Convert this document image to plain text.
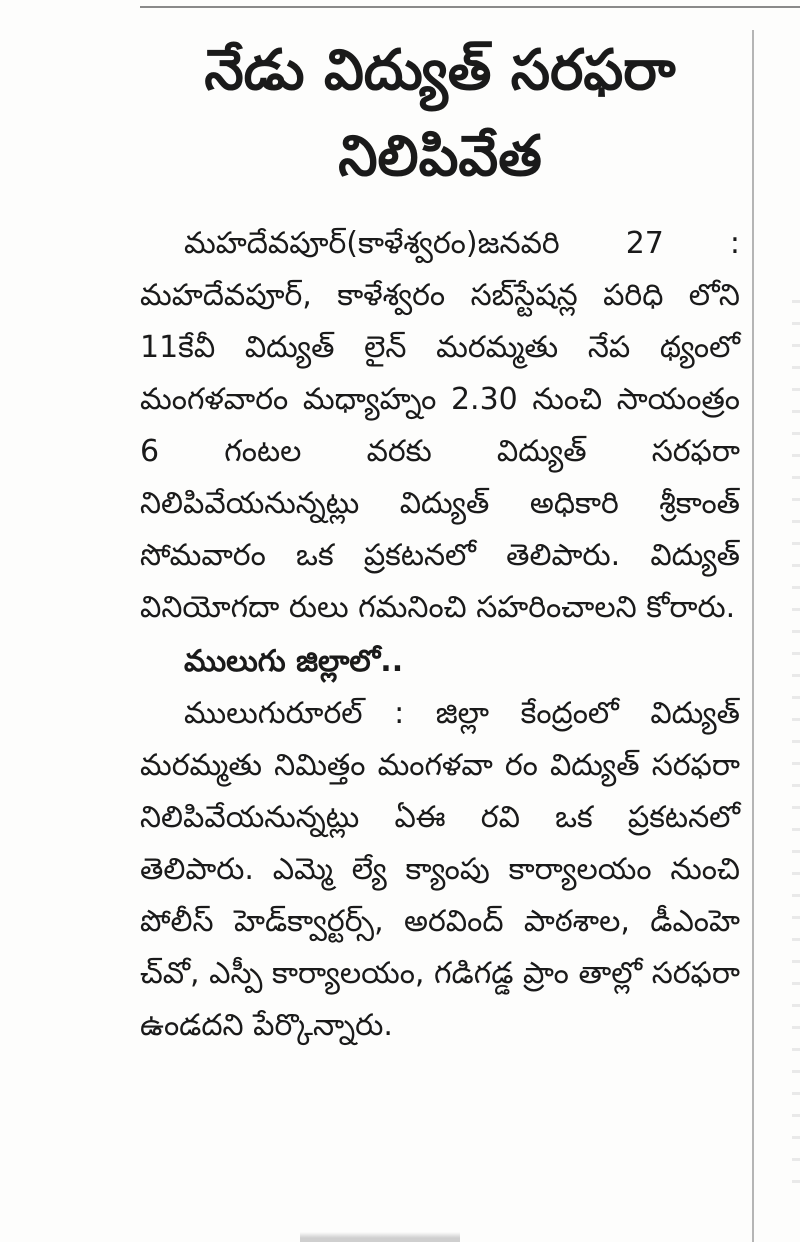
నేడు విద్యుత్ సరఫరా
నిలిపివేత

మహదేవపూర్(కాళేశ్వరం)జనవరి 27 : మహదేవపూర్, కాళేశ్వరం సబ్‌స్టేషన్ల పరిధి లోని 11కేవీ విద్యుత్ లైన్ మరమ్మతు నేప థ్యంలో మంగళవారం మధ్యాహ్నం 2.30 నుంచి సాయంత్రం 6 గంటల వరకు విద్యుత్ సరఫరా నిలిపివేయనున్నట్లు విద్యుత్ అధికారి శ్రీకాంత్ సోమవారం ఒక ప్రకటనలో తెలిపారు. విద్యుత్ వినియోగదా రులు గమనించి సహరించాలని కోరారు.

ములుగు జిల్లాలో..

ములుగురూరల్ : జిల్లా కేంద్రంలో విద్యుత్ మరమ్మతు నిమిత్తం మంగళవా రం విద్యుత్ సరఫరా నిలిపివేయనున్నట్లు ఏఈ రవి ఒక ప్రకటనలో తెలిపారు. ఎమ్మె ల్యే క్యాంపు కార్యాలయం నుంచి పోలీస్ హెడ్‌క్వార్టర్స్, అరవింద్ పాఠశాల, డీఎంహె చ్‌వో, ఎస్పీ కార్యాలయం, గడిగడ్డ ప్రాం తాల్లో సరఫరా ఉండదని పేర్కొన్నారు.
